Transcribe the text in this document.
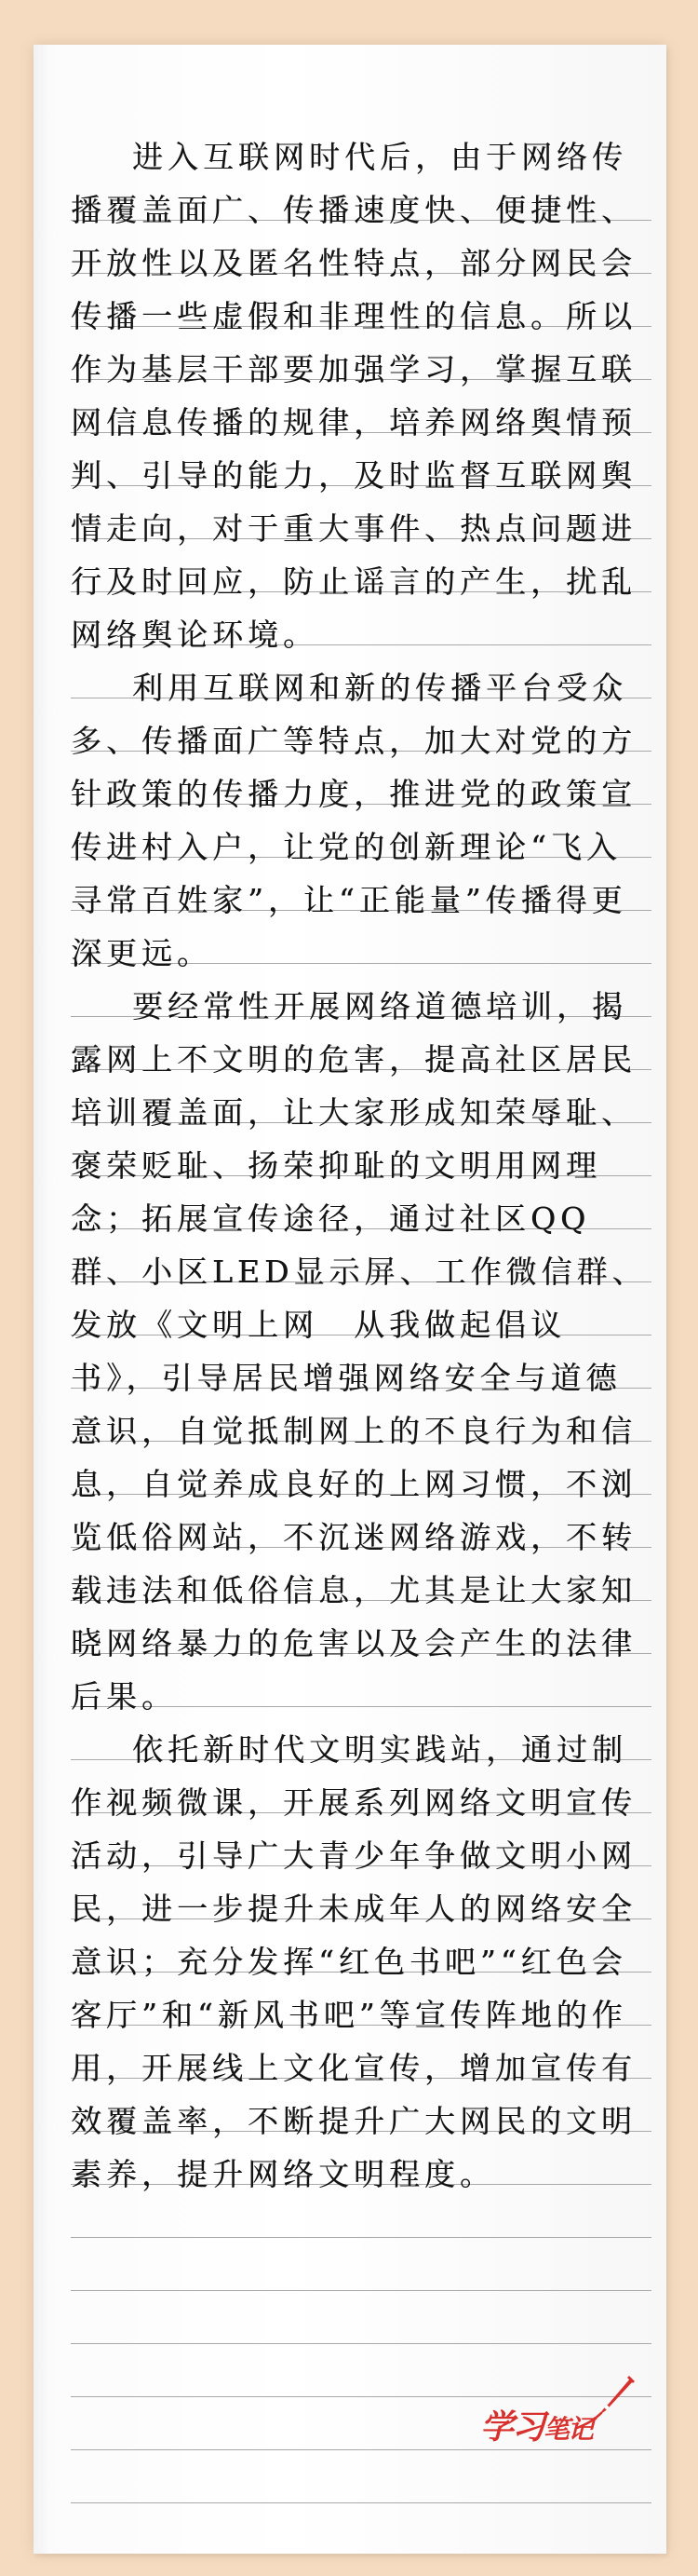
进入互联网时代后，由于网络传播覆盖面广、传播速度快、便捷性、开放性以及匿名性特点，部分网民会传播一些虚假和非理性的信息。所以作为基层干部要加强学习，掌握互联网信息传播的规律，培养网络舆情预判、引导的能力，及时监督互联网舆情走向，对于重大事件、热点问题进行及时回应，防止谣言的产生，扰乱网络舆论环境。

利用互联网和新的传播平台受众多、传播面广等特点，加大对党的方针政策的传播力度，推进党的政策宣传进村入户，让党的创新理论“飞入寻常百姓家”，让“正能量”传播得更深更远。

要经常性开展网络道德培训，揭露网上不文明的危害，提高社区居民培训覆盖面，让大家形成知荣辱耻、褒荣贬耻、扬荣抑耻的文明用网理念；拓展宣传途径，通过社区QQ群、小区LED显示屏、工作微信群、发放《文明上网　从我做起倡议书》，引导居民增强网络安全与道德意识，自觉抵制网上的不良行为和信息，自觉养成良好的上网习惯，不浏览低俗网站，不沉迷网络游戏，不转载违法和低俗信息，尤其是让大家知晓网络暴力的危害以及会产生的法律后果。

依托新时代文明实践站，通过制作视频微课，开展系列网络文明宣传活动，引导广大青少年争做文明小网民，进一步提升未成年人的网络安全意识；充分发挥“红色书吧”“红色会客厅”和“新风书吧”等宣传阵地的作用，开展线上文化宣传，增加宣传有效覆盖率，不断提升广大网民的文明素养，提升网络文明程度。

学习笔记
